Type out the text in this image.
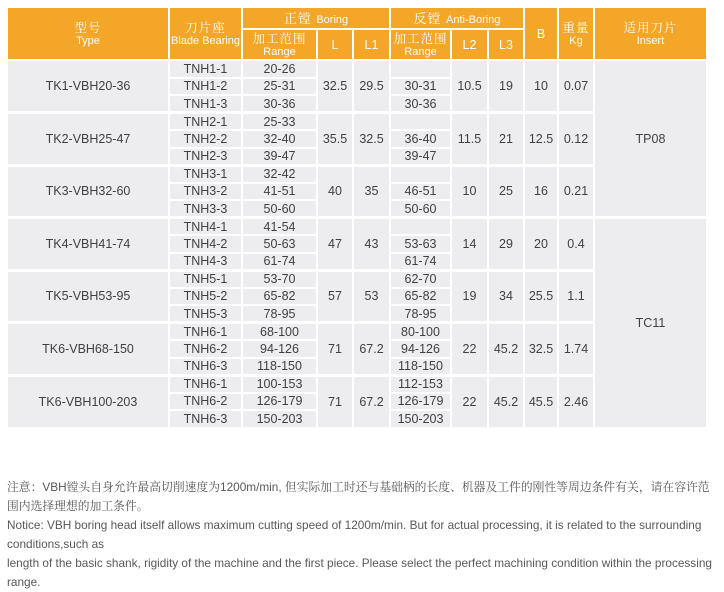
型号
Type	刀片座
Blade Bearing	正镗 Boring			反镗 Anti-Boring			B	重量
Kg	适用刀片
Insert

		加工范围
Range	L	L1	加工范围
Range	L2	L3			
TK1-VBH20-36	TNH1-1	20-26	32.5	29.5		10.5	19	10	0.07	TP08
	TNH1-2	25-31			30-31					
	TNH1-3	30-36			30-36					
TK2-VBH25-47	TNH2-1	25-33	35.5	32.5		11.5	21	12.5	0.12	
	TNH2-2	32-40			36-40					
	TNH2-3	39-47			39-47					
TK3-VBH32-60	TNH3-1	32-42	40	35		10	25	16	0.21	
	TNH3-2	41-51			46-51					
	TNH3-3	50-60			50-60					
TK4-VBH41-74	TNH4-1	41-54	47	43		14	29	20	0.4	TC11
	TNH4-2	50-63			53-63					
	TNH4-3	61-74			61-74					
TK5-VBH53-95	TNH5-1	53-70	57	53	62-70	19	34	25.5	1.1	
	TNH5-2	65-82			65-82					
	TNH5-3	78-95			78-95					
TK6-VBH68-150	TNH6-1	68-100	71	67.2	80-100	22	45.2	32.5	1.74	
	TNH6-2	94-126			94-126					
	TNH6-3	118-150			118-150					
TK6-VBH100-203	TNH6-1	100-153	71	67.2	112-153	22	45.2	45.5	2.46	
	TNH6-2	126-179			126-179					
	TNH6-3	150-203			150-203					

注意：VBH镗头自身允许最高切削速度为1200m/min, 但实际加工时还与基础柄的长度、机器及工件的刚性等周边条件有关，请在容许范围内选择理想的加工条件。

Notice: VBH boring head itself allows maximum cutting speed of 1200m/min. But for actual processing, it is related to the surrounding conditions,such as

length of the basic shank, rigidity of the machine and the first piece. Please select the perfect machining condition within the processing range.
